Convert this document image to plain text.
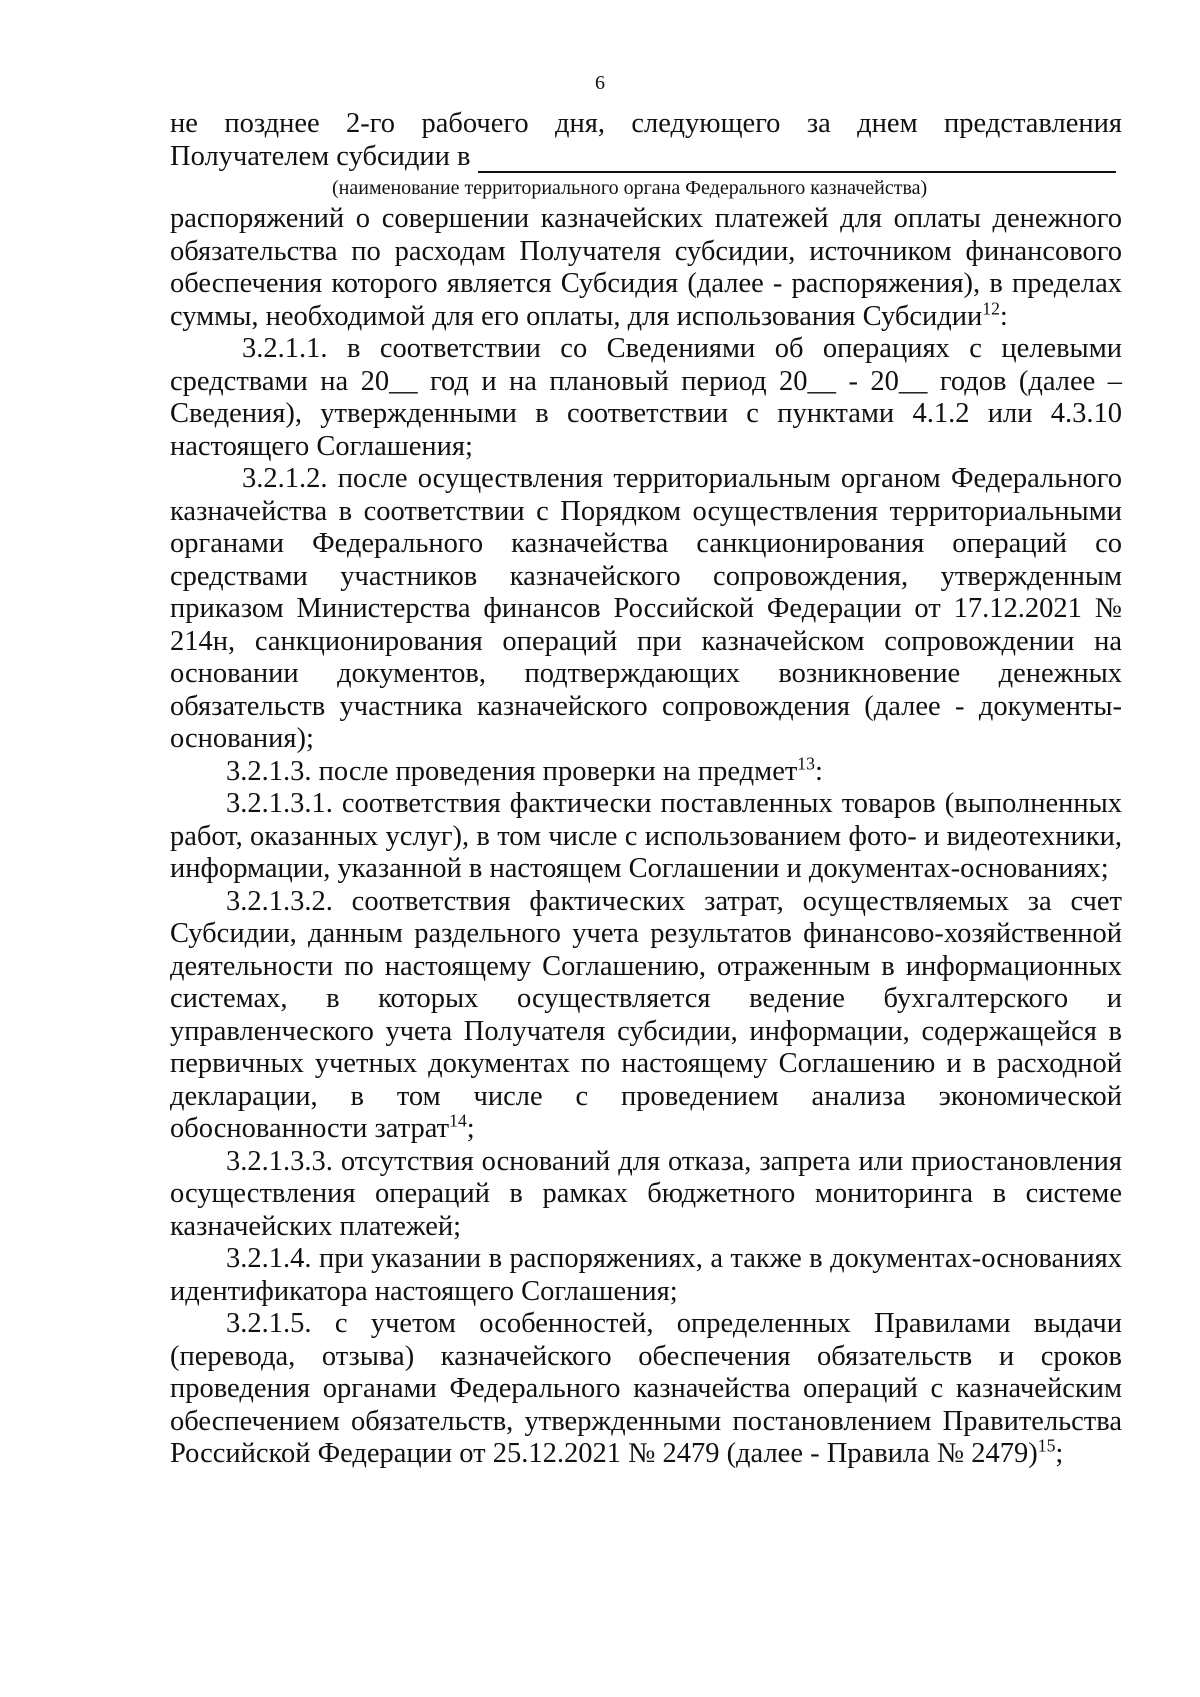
6

не позднее 2-го рабочего дня, следующего за днем представления

Получателем субсидии в

(наименование территориального органа Федерального казначейства)

распоряжений о совершении казначейских платежей для оплаты денежного обязательства по расходам Получателя субсидии, источником финансового обеспечения которого является Субсидия (далее - распоряжения), в пределах суммы, необходимой для его оплаты, для использования Субсидии$^{12}$:

3.2.1.1. в соответствии со Сведениями об операциях с целевыми средствами на 20__ год и на плановый период 20__ - 20__ годов (далее – Сведения), утвержденными в соответствии с пунктами 4.1.2 или 4.3.10 настоящего Соглашения;

3.2.1.2. после осуществления территориальным органом Федерального казначейства в соответствии с Порядком осуществления территориальными органами Федерального казначейства санкционирования операций со средствами участников казначейского сопровождения, утвержденным приказом Министерства финансов Российской Федерации от 17.12.2021 № 214н, санкционирования операций при казначейском сопровождении на основании документов, подтверждающих возникновение денежных обязательств участника казначейского сопровождения (далее - документы-основания);

3.2.1.3. после проведения проверки на предмет$^{13}$:

3.2.1.3.1. соответствия фактически поставленных товаров (выполненных работ, оказанных услуг), в том числе с использованием фото- и видеотехники, информации, указанной в настоящем Соглашении и документах-основаниях;

3.2.1.3.2. соответствия фактических затрат, осуществляемых за счет Субсидии, данным раздельного учета результатов финансово-хозяйственной деятельности по настоящему Соглашению, отраженным в информационных системах, в которых осуществляется ведение бухгалтерского и управленческого учета Получателя субсидии, информации, содержащейся в первичных учетных документах по настоящему Соглашению и в расходной декларации, в том числе с проведением анализа экономической обоснованности затрат$^{14}$;

3.2.1.3.3. отсутствия оснований для отказа, запрета или приостановления осуществления операций в рамках бюджетного мониторинга в системе казначейских платежей;

3.2.1.4. при указании в распоряжениях, а также в документах-основаниях идентификатора настоящего Соглашения;

3.2.1.5. с учетом особенностей, определенных Правилами выдачи (перевода, отзыва) казначейского обеспечения обязательств и сроков проведения органами Федерального казначейства операций с казначейским обеспечением обязательств, утвержденными постановлением Правительства Российской Федерации от 25.12.2021 № 2479 (далее - Правила № 2479)$^{15}$;
